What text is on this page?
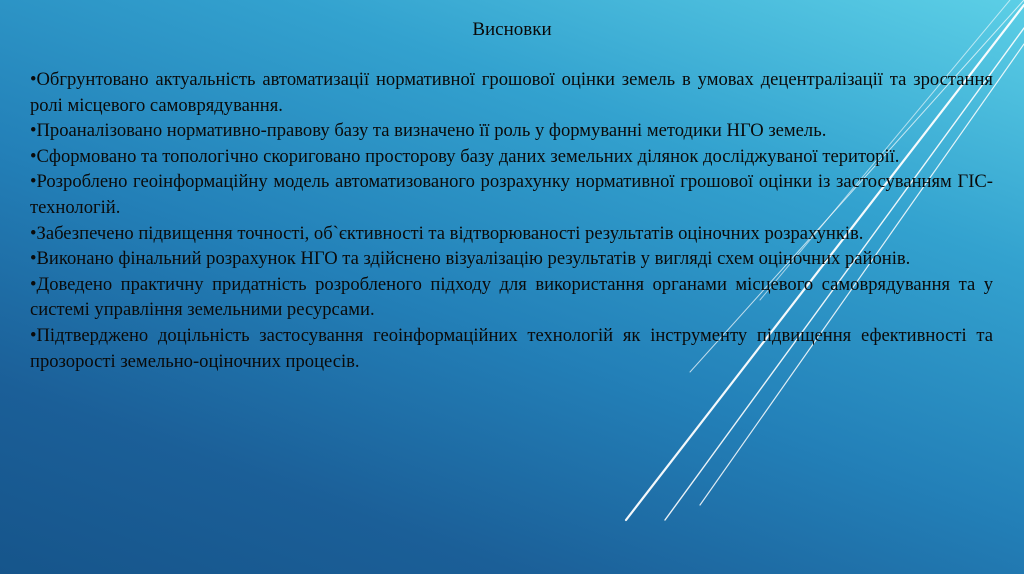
Висновки
•Обгрунтовано актуальність автоматизації нормативної грошової оцінки земель в умовах децентралізації та зростання ролі місцевого самоврядування.
•Проаналізовано нормативно-правову базу та визначено її роль у формуванні методики НГО земель.
•Сформовано та топологічно скориговано просторову базу даних земельних ділянок досліджуваної території.
•Розроблено геоінформаційну модель автоматизованого розрахунку нормативної грошової оцінки із застосуванням ГІС-технологій.
•Забезпечено підвищення точності, об`єктивності та відтворюваності результатів оціночних розрахунків.
•Виконано фінальний розрахунок НГО та здійснено візуалізацію результатів у вигляді схем оціночних районів.
•Доведено практичну придатність розробленого підходу для використання органами місцевого самоврядування та у системі управління земельними ресурсами.
•Підтверджено доцільність застосування геоінформаційних технологій як інструменту підвищення ефективності та прозорості земельно-оціночних процесів.
